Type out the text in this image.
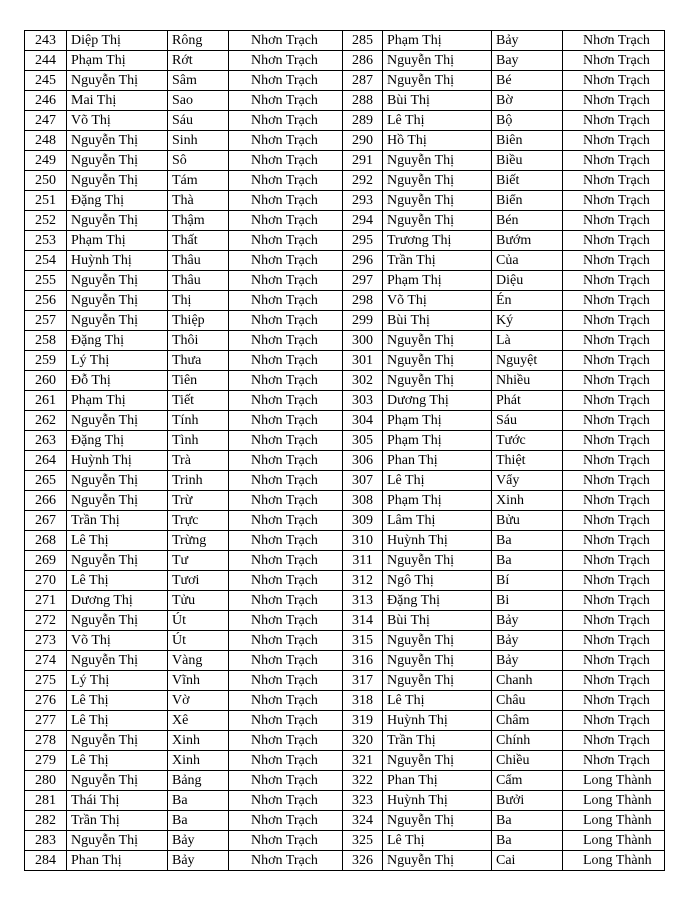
243	Diệp Thị	Rông	Nhơn Trạch	285	Phạm Thị	Bảy	Nhơn Trạch
244	Phạm Thị	Rớt	Nhơn Trạch	286	Nguyễn Thị	Bay	Nhơn Trạch
245	Nguyễn Thị	Sâm	Nhơn Trạch	287	Nguyễn Thị	Bé	Nhơn Trạch
246	Mai Thị	Sao	Nhơn Trạch	288	Bùi Thị	Bờ	Nhơn Trạch
247	Võ Thị	Sáu	Nhơn Trạch	289	Lê Thị	Bộ	Nhơn Trạch
248	Nguyễn Thị	Sinh	Nhơn Trạch	290	Hồ Thị	Biên	Nhơn Trạch
249	Nguyễn Thị	Sô	Nhơn Trạch	291	Nguyễn Thị	Biều	Nhơn Trạch
250	Nguyễn Thị	Tám	Nhơn Trạch	292	Nguyễn Thị	Biết	Nhơn Trạch
251	Đặng Thị	Thà	Nhơn Trạch	293	Nguyễn Thị	Biển	Nhơn Trạch
252	Nguyễn Thị	Thậm	Nhơn Trạch	294	Nguyễn Thị	Bén	Nhơn Trạch
253	Phạm Thị	Thất	Nhơn Trạch	295	Trương Thị	Bướm	Nhơn Trạch
254	Huỳnh Thị	Thâu	Nhơn Trạch	296	Trần Thị	Của	Nhơn Trạch
255	Nguyễn Thị	Thâu	Nhơn Trạch	297	Phạm Thị	Diệu	Nhơn Trạch
256	Nguyễn Thị	Thị	Nhơn Trạch	298	Võ Thị	Én	Nhơn Trạch
257	Nguyễn Thị	Thiệp	Nhơn Trạch	299	Bùi Thị	Ký	Nhơn Trạch
258	Đặng Thị	Thôi	Nhơn Trạch	300	Nguyễn Thị	Là	Nhơn Trạch
259	Lý Thị	Thưa	Nhơn Trạch	301	Nguyễn Thị	Nguyệt	Nhơn Trạch
260	Đỗ Thị	Tiên	Nhơn Trạch	302	Nguyễn Thị	Nhiều	Nhơn Trạch
261	Phạm Thị	Tiết	Nhơn Trạch	303	Dương Thị	Phát	Nhơn Trạch
262	Nguyễn Thị	Tính	Nhơn Trạch	304	Phạm Thị	Sáu	Nhơn Trạch
263	Đặng Thị	Tình	Nhơn Trạch	305	Phạm Thị	Tước	Nhơn Trạch
264	Huỳnh Thị	Trà	Nhơn Trạch	306	Phan Thị	Thiệt	Nhơn Trạch
265	Nguyễn Thị	Trinh	Nhơn Trạch	307	Lê Thị	Vẩy	Nhơn Trạch
266	Nguyễn Thị	Trừ	Nhơn Trạch	308	Phạm Thị	Xinh	Nhơn Trạch
267	Trần Thị	Trực	Nhơn Trạch	309	Lâm Thị	Bửu	Nhơn Trạch
268	Lê Thị	Trừng	Nhơn Trạch	310	Huỳnh Thị	Ba	Nhơn Trạch
269	Nguyễn Thị	Tư	Nhơn Trạch	311	Nguyễn Thị	Ba	Nhơn Trạch
270	Lê Thị	Tươi	Nhơn Trạch	312	Ngô Thị	Bí	Nhơn Trạch
271	Dương Thị	Tửu	Nhơn Trạch	313	Đặng Thị	Bi	Nhơn Trạch
272	Nguyễn Thị	Út	Nhơn Trạch	314	Bùi Thị	Bảy	Nhơn Trạch
273	Võ Thị	Út	Nhơn Trạch	315	Nguyễn Thị	Bảy	Nhơn Trạch
274	Nguyễn Thị	Vàng	Nhơn Trạch	316	Nguyễn Thị	Bảy	Nhơn Trạch
275	Lý Thị	Vĩnh	Nhơn Trạch	317	Nguyễn Thị	Chanh	Nhơn Trạch
276	Lê Thị	Vờ	Nhơn Trạch	318	Lê Thị	Châu	Nhơn Trạch
277	Lê Thị	Xê	Nhơn Trạch	319	Huỳnh Thị	Châm	Nhơn Trạch
278	Nguyễn Thị	Xinh	Nhơn Trạch	320	Trần Thị	Chính	Nhơn Trạch
279	Lê Thị	Xinh	Nhơn Trạch	321	Nguyễn Thị	Chiều	Nhơn Trạch
280	Nguyễn Thị	Bảng	Nhơn Trạch	322	Phan Thị	Cẩm	Long Thành
281	Thái Thị	Ba	Nhơn Trạch	323	Huỳnh Thị	Bưởi	Long Thành
282	Trần Thị	Ba	Nhơn Trạch	324	Nguyễn Thị	Ba	Long Thành
283	Nguyễn Thị	Bảy	Nhơn Trạch	325	Lê Thị	Ba	Long Thành
284	Phan Thị	Bảy	Nhơn Trạch	326	Nguyễn Thị	Cai	Long Thành
